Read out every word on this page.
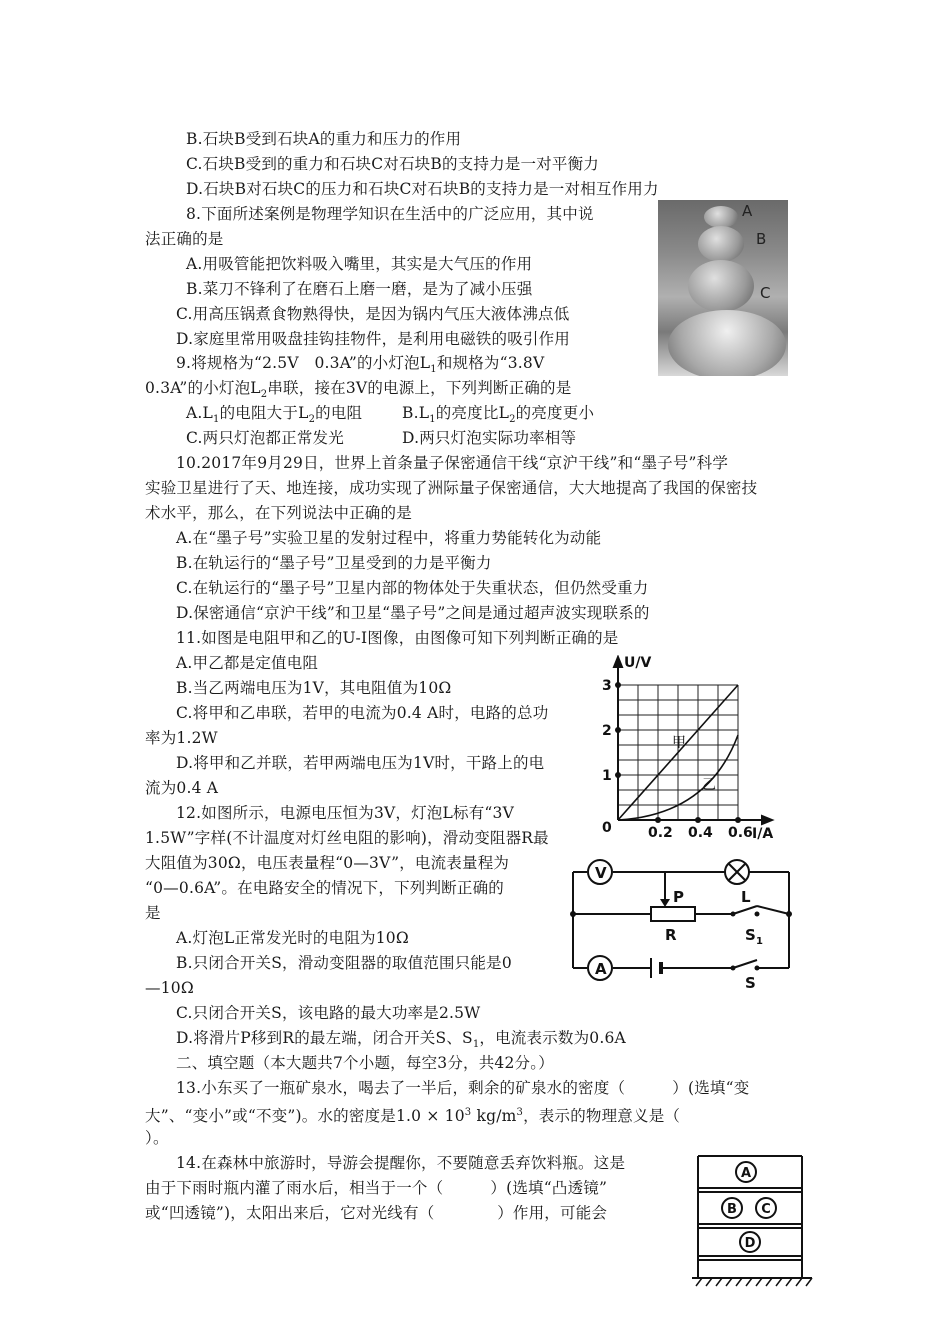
B.石块B受到石块A的重力和压力的作用
C.石块B受到的重力和石块C对石块B的支持力是一对平衡力
D.石块B对石块C的压力和石块C对石块B的支持力是一对相互作用力
8.下面所述案例是物理学知识在生活中的广泛应用，其中说
法正确的是
A.用吸管能把饮料吸入嘴里，其实是大气压的作用
B.菜刀不锋利了在磨石上磨一磨，是为了减小压强
C.用高压锅煮食物熟得快，是因为锅内气压大液体沸点低
D.家庭里常用吸盘挂钩挂物件，是利用电磁铁的吸引作用
A
B
C
9.将规格为“2.5V　0.3A”的小灯泡$L_1$和规格为“3.8V
0.3A”的小灯泡$L_2$串联，接在3V的电源上，下列判断正确的是
$A.L_1$的电阻大于$L_2$的电阻	$B.L_1$的亮度比$L_2$的亮度更小
C.两只灯泡都正常发光	D.两只灯泡实际功率相等
10.2017年9月29日，世界上首条量子保密通信干线“京沪干线”和“墨子号”科学
实验卫星进行了天、地连接，成功实现了洲际量子保密通信，大大地提高了我国的保密技
术水平，那么，在下列说法中正确的是
A.在“墨子号”实验卫星的发射过程中，将重力势能转化为动能
B.在轨运行的“墨子号”卫星受到的力是平衡力
C.在轨运行的“墨子号”卫星内部的物体处于失重状态，但仍然受重力
D.保密通信“京沪干线”和卫星“墨子号”之间是通过超声波实现联系的
11.如图是电阻甲和乙的U-I图像，由图像可知下列判断正确的是
A.甲乙都是定值电阻
B.当乙两端电压为1V，其电阻值为10Ω
C.将甲和乙串联，若甲的电流为0.4 A时，电路的总功
率为1.2W
D.将甲和乙并联，若甲两端电压为1V时，干路上的电
流为0.4 A
U/V
I/A
3
2
1
0	0.2 0.4 0.6
甲
乙
12.如图所示，电源电压恒为3V，灯泡L标有“3V
1.5W”字样(不计温度对灯丝电阻的影响)，滑动变阻器R最
大阻值为30Ω，电压表量程“0—3V”，电流表量程为
“0—0.6A”。在电路安全的情况下，下列判断正确的
是
A.灯泡L正常发光时的电阻为10Ω
B.只闭合开关S，滑动变阻器的取值范围只能是0
—10Ω
C.只闭合开关S，该电路的最大功率是2.5W
D.将滑片P移到R的最左端，闭合开关S、$S_1$，电流表示数为0.6A
V
A
P
R
L
S 1
S
二、填空题（本大题共7个小题，每空3分，共42分。）
13.小东买了一瓶矿泉水，喝去了一半后，剩余的矿泉水的密度（　　　）(选填“变
大”、“变小”或“不变”)。水的密度是$1.0 \times 10^3$ $kg/m^3$，表示的物理意义是（
）。
14.在森林中旅游时，导游会提醒你，不要随意丢弃饮料瓶。这是
由于下雨时瓶内灌了雨水后，相当于一个（　　　）(选填“凸透镜”
或“凹透镜”)，太阳出来后，它对光线有（　　　　）作用，可能会
A
B C
D
